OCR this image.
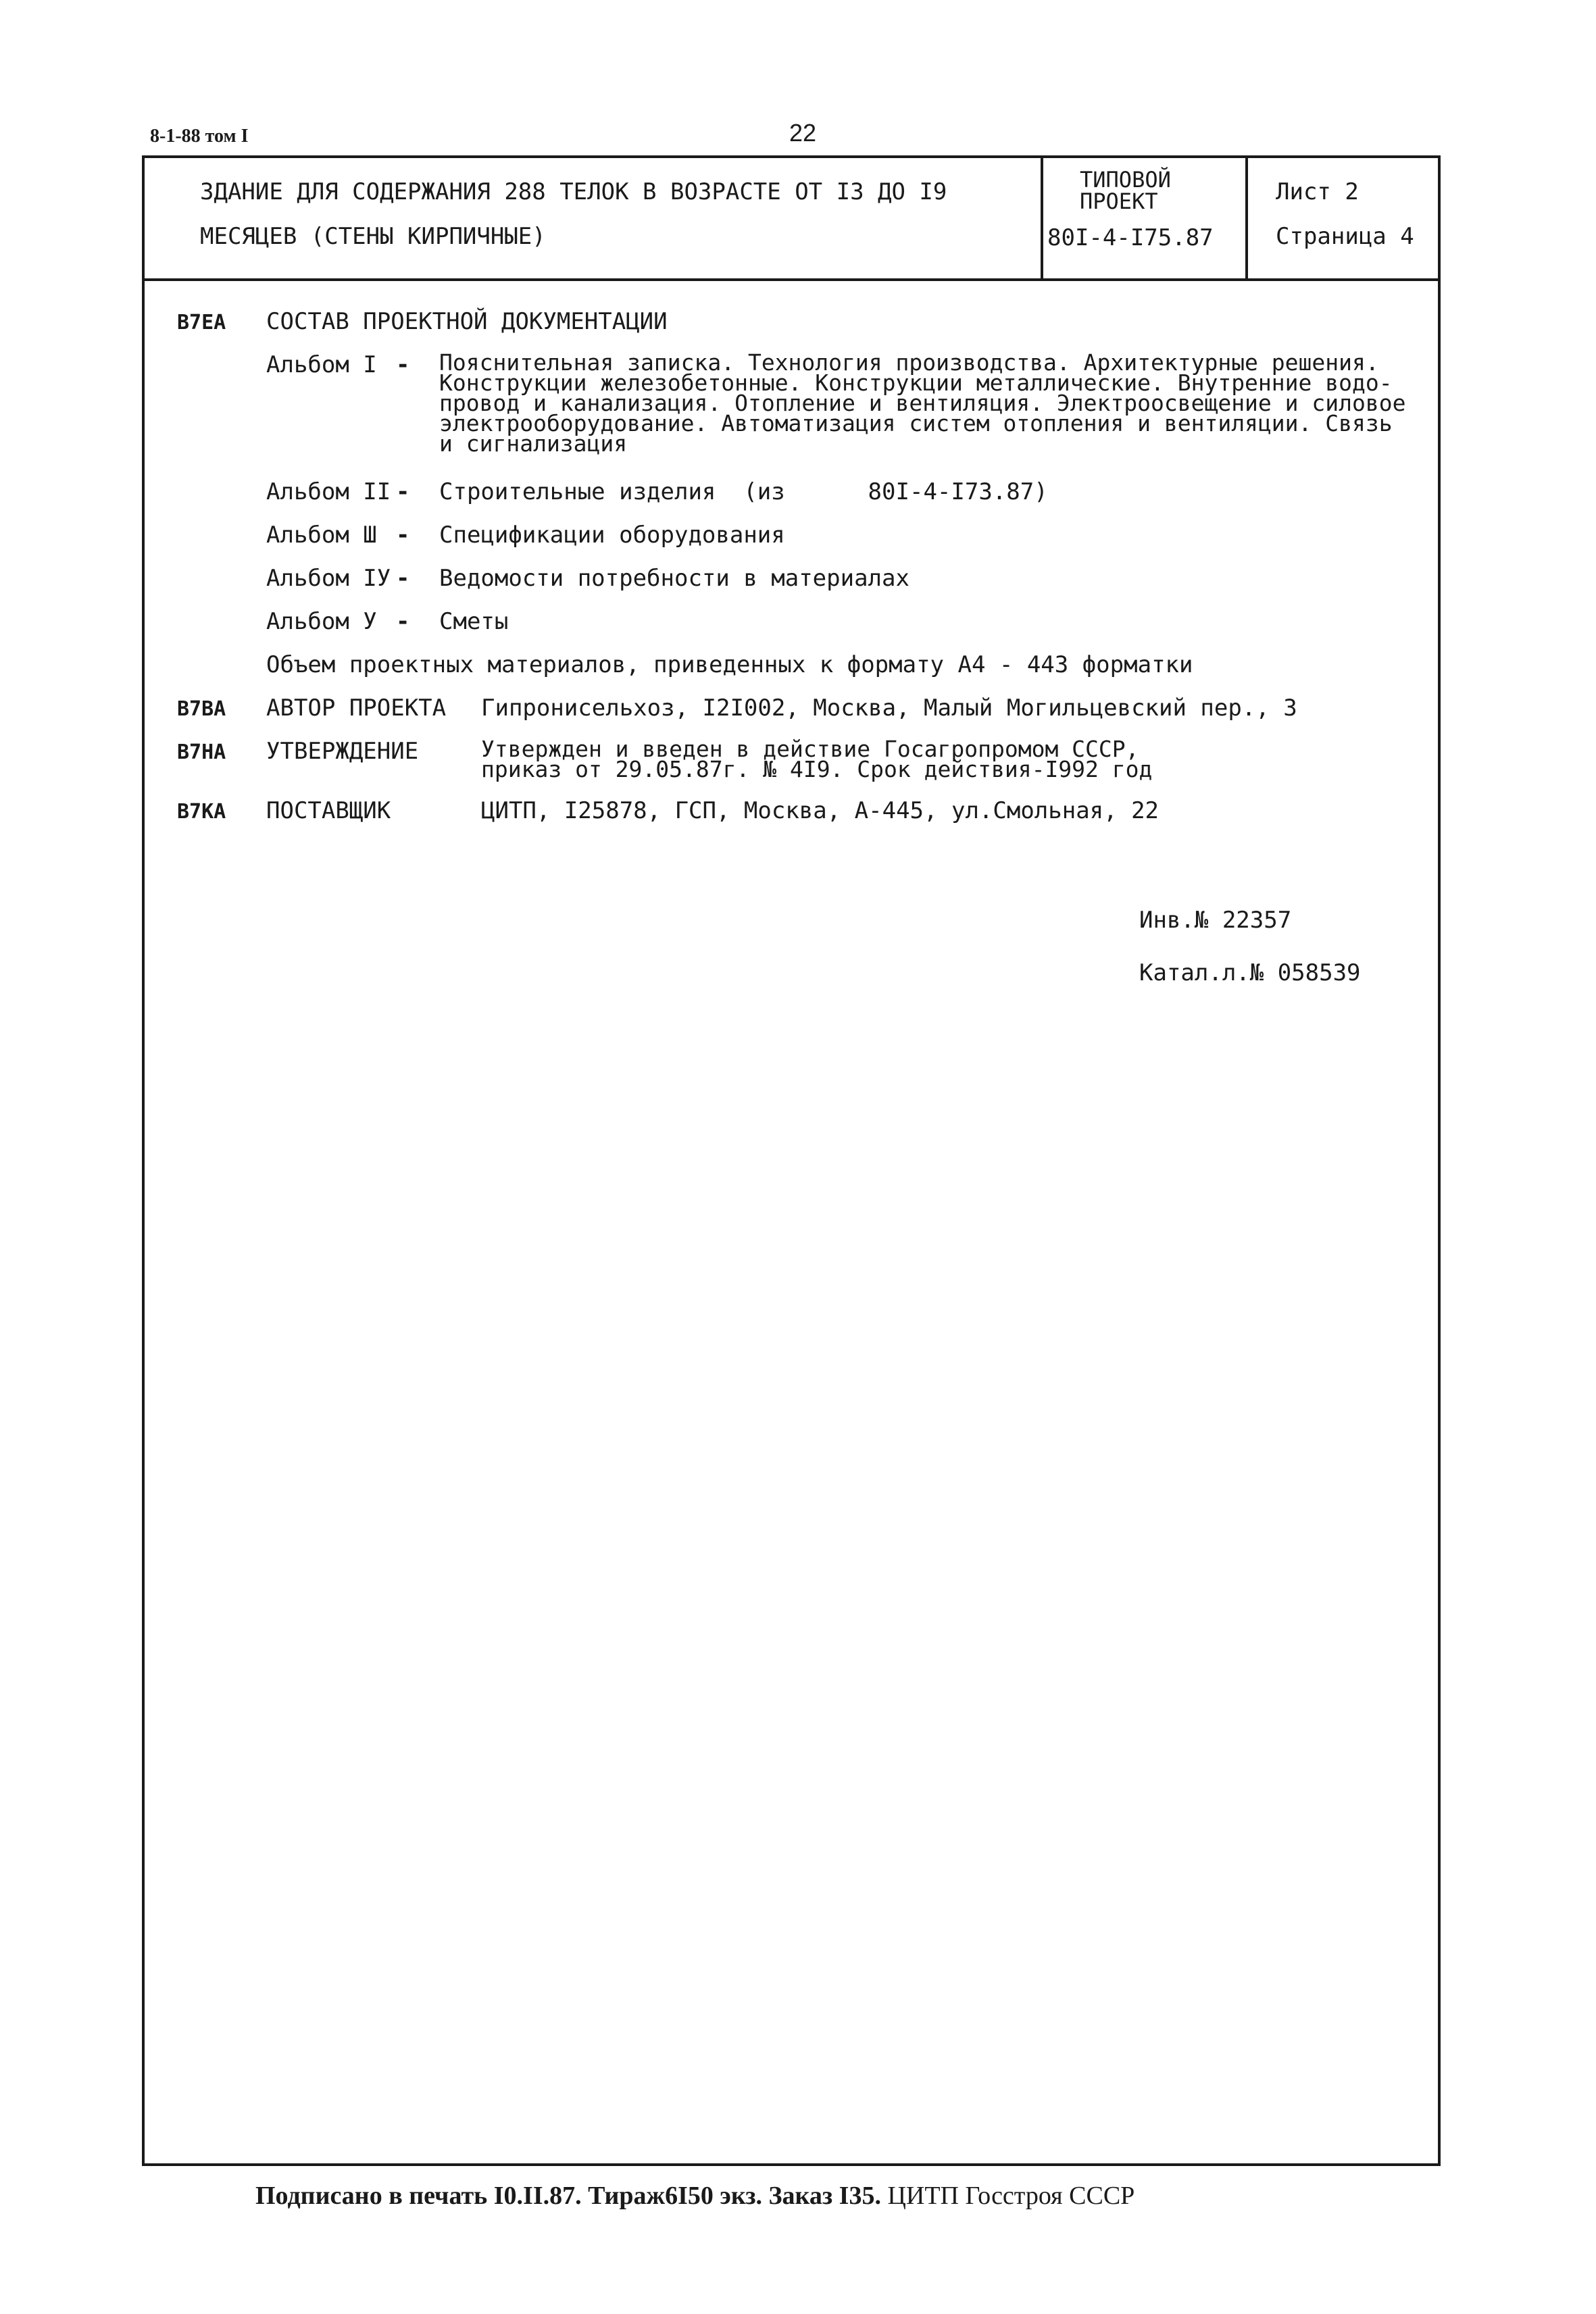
8-1-88 том I	22
ЗДАНИЕ ДЛЯ СОДЕРЖАНИЯ 288 ТЕЛОК В ВОЗРАСТЕ ОТ I3 ДО I9
МЕСЯЦЕВ (СТЕНЫ КИРПИЧНЫЕ)
ТИПОВОЙ
ПРОЕКТ
80I-4-I75.87
Лист 2
Страница 4
В7ЕА СОСТАВ ПРОЕКТНОЙ ДОКУМЕНТАЦИИ
Альбом I - Пояснительная записка. Технология производства. Архитектурные решения.
Конструкции железобетонные. Конструкции металлические. Внутренние водо-
провод и канализация. Отопление и вентиляция. Электроосвещение и силовое
электрооборудование. Автоматизация систем отопления и вентиляции. Связь
и сигнализация
Альбом II - Строительные изделия  (из      80I-4-I73.87)
Альбом Ш - Спецификации оборудования
Альбом IУ - Ведомости потребности в материалах
Альбом У - Сметы
Объем проектных материалов, приведенных к формату А4 - 443 форматки
В7ВА АВТОР ПРОЕКТА Гипронисельхоз, I2I002, Москва, Малый Могильцевский пер., 3
В7НА УТВЕРЖДЕНИЕ	Утвержден и введен в действие Госагропромом СССР,
приказ от 29.05.87г. № 4I9. Срок действия-I992 год
В7КА ПОСТАВЩИК	ЦИТП, I25878, ГСП, Москва, А-445, ул.Смольная, 22
Инв.№ 22357
Катал.л.№ 058539
Подписано в печать I0.II.87. Тираж6I50 экз. Заказ I35. ЦИТП Госстроя СССР
